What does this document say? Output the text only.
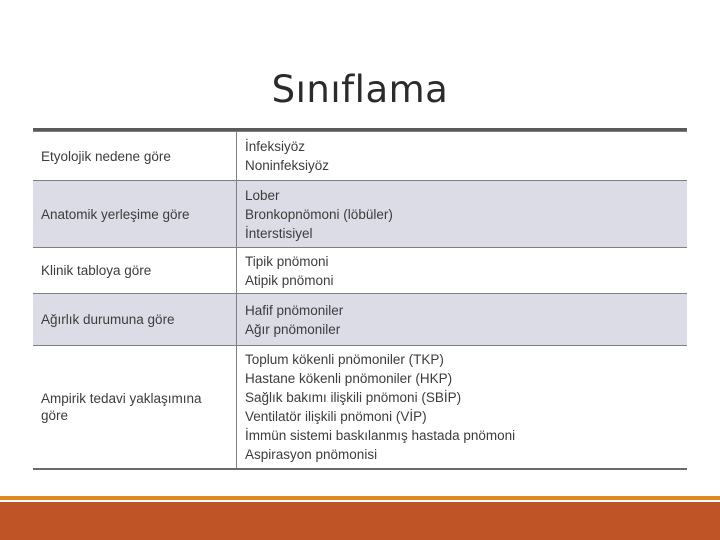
Sınıflama
Etyolojik nedene göre
İnfeksiyöz
Noninfeksiyöz
Anatomik yerleşime göre
Lober
Bronkopnömoni (löbüler)
İnterstisiyel
Klinik tabloya göre
Tipik pnömoni
Atipik pnömoni
Ağırlık durumuna göre
Hafif pnömoniler
Ağır pnömoniler
Ampirik tedavi yaklaşımına göre
Toplum kökenli pnömoniler (TKP)
Hastane kökenli pnömoniler (HKP)
Sağlık bakımı ilişkili pnömoni (SBİP)
Ventilatör ilişkili pnömoni (VİP)
İmmün sistemi baskılanmış hastada pnömoni
Aspirasyon pnömonisi
